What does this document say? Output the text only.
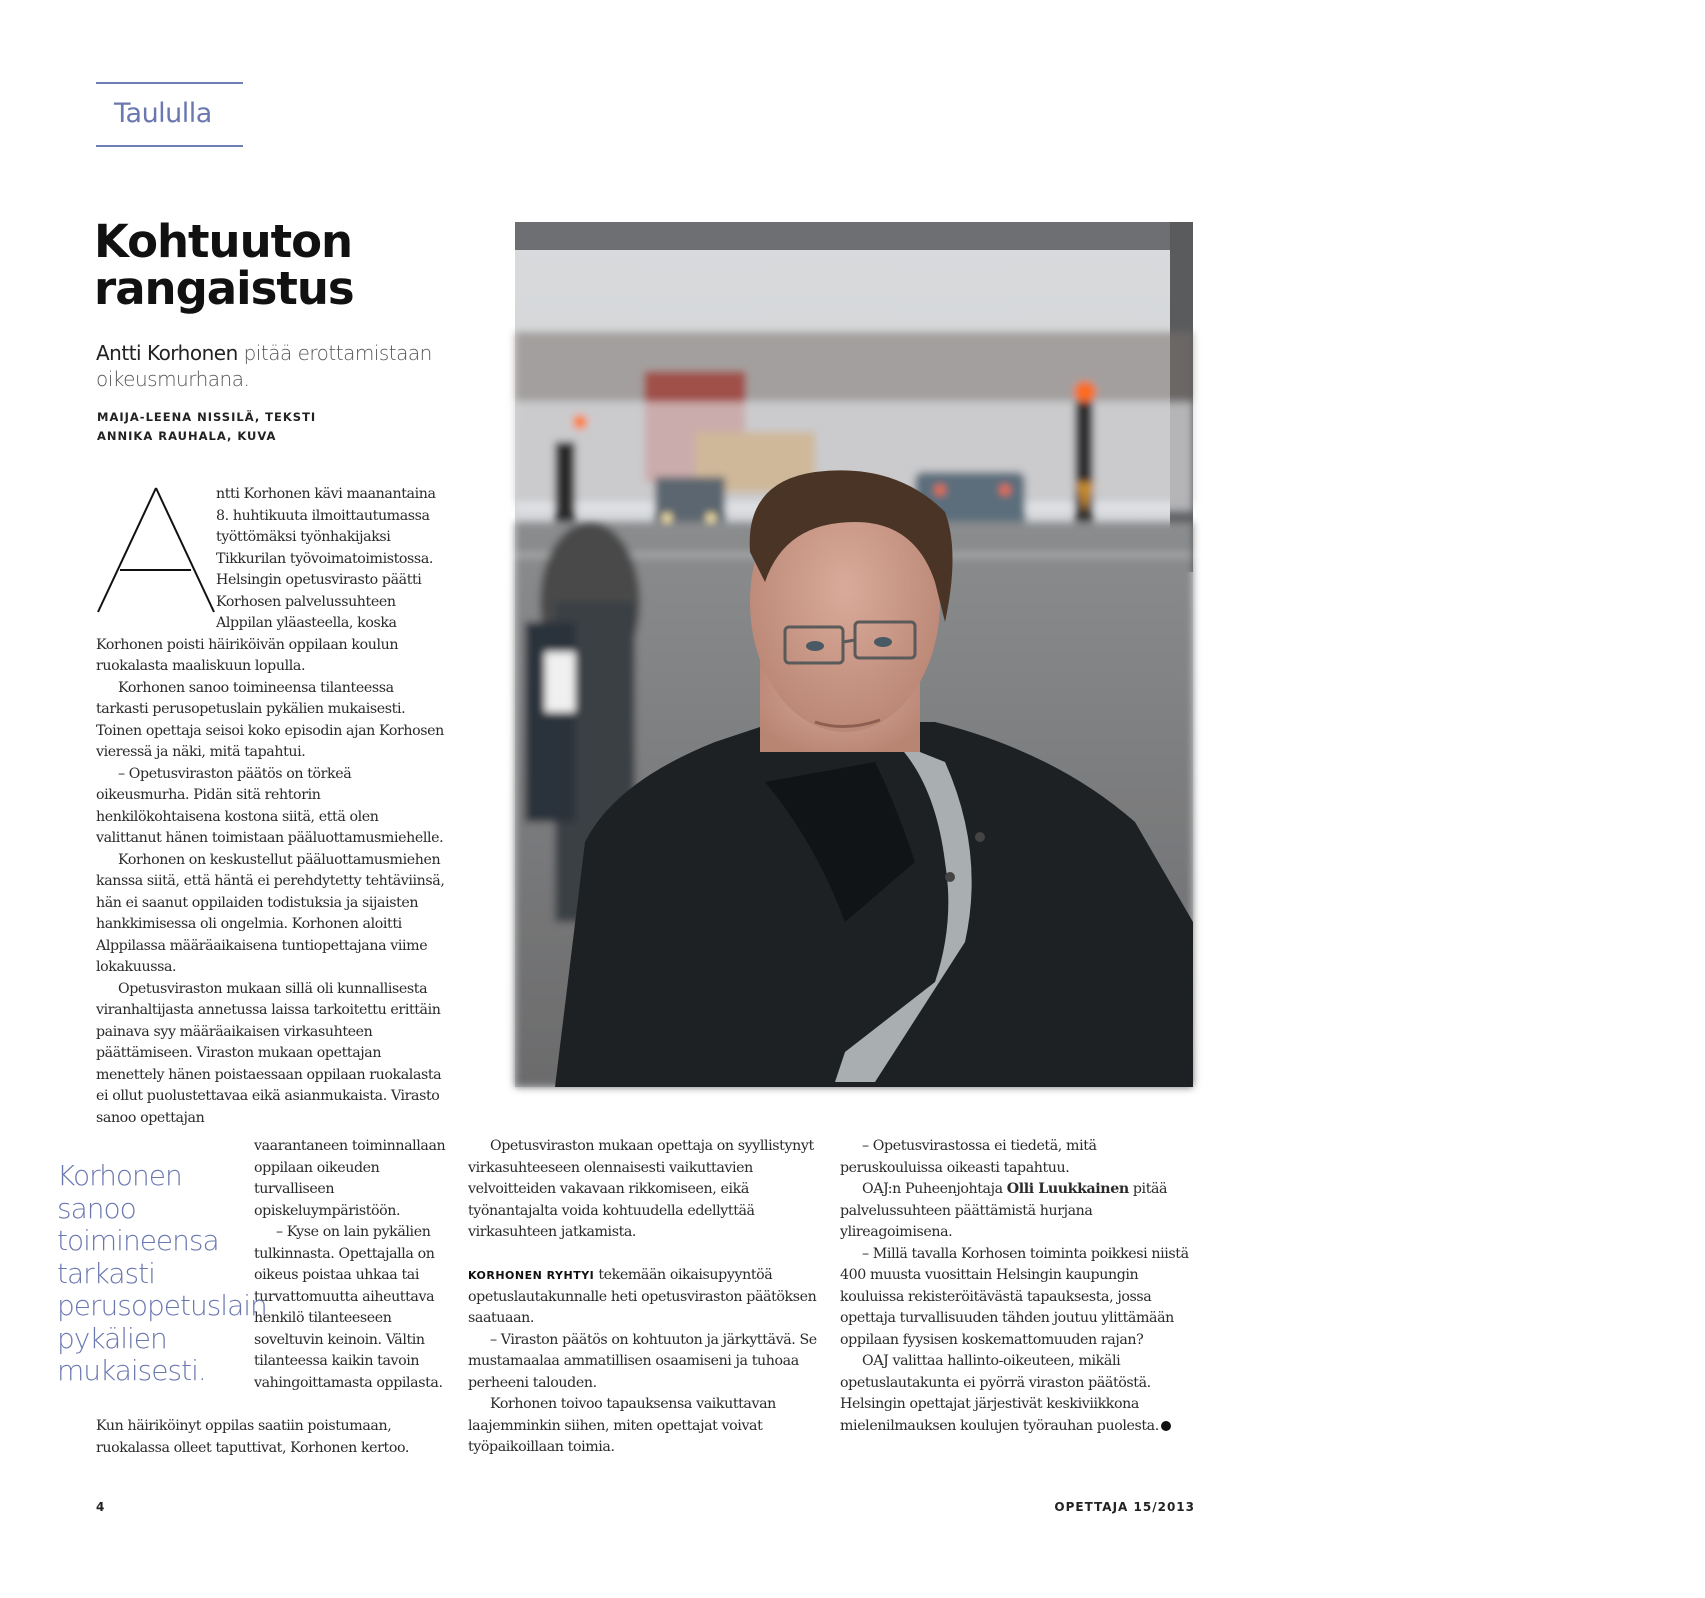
Taululla
Kohtuuton
rangaistus
Antti Korhonen pitää erottamistaan oikeusmurhana.
MAIJA-LEENA NISSILÄ, TEKSTI
ANNIKA RAUHALA, KUVA

ntti Korhonen kävi maanantaina 8. huhtikuuta ilmoittautumassa työttömäksi työnhakijaksi Tikkurilan työvoimatoimistossa. Helsingin opetusvirasto päätti Korhosen palvelussuhteen Alppilan yläasteella, koska Korhonen poisti häiriköivän oppilaan koulun ruokalasta maaliskuun lopulla.

Korhonen sanoo toimineensa tilanteessa tarkasti perusopetuslain pykälien mukaisesti. Toinen opettaja seisoi koko episodin ajan Korhosen vieressä ja näki, mitä tapahtui.

– Opetusviraston päätös on törkeä oikeusmurha. Pidän sitä rehtorin henkilökohtaisena kostona siitä, että olen valittanut hänen toimistaan pääluottamusmiehelle.

Korhonen on keskustellut pääluottamusmiehen kanssa siitä, että häntä ei perehdytetty tehtäviinsä, hän ei saanut oppilaiden todistuksia ja sijaisten hankkimisessa oli ongelmia. Korhonen aloitti Alppilassa määräaikaisena tuntiopettajana viime lokakuussa.

Opetusviraston mukaan sillä oli kunnallisesta viranhaltijasta annetussa laissa tarkoitettu erittäin painava syy määräaikaisen virkasuhteen päättämiseen. Viraston mukaan opettajan menettely hänen poistaessaan oppilaan ruokalasta ei ollut puolustettavaa eikä asianmukaista. Virasto sanoo opettajan

vaarantaneen toiminnallaan oppilaan oikeuden turvalliseen opiskeluympäristöön.

– Kyse on lain pykälien tulkinnasta. Opettajalla on oikeus poistaa uhkaa tai turvattomuutta aiheuttava henkilö tilanteeseen soveltuvin keinoin. Vältin tilanteessa kaikin tavoin vahingoittamasta oppilasta.

Kun häiriköinyt oppilas saatiin poistumaan, ruokalassa olleet taputtivat, Korhonen kertoo.

Korhonen sanoo toimineensa tarkasti perusopetuslain pykälien mukaisesti.
Antti Korhonen kiittää kollegoiltaan ja OAJ:ltä saamaansa tukea.

Opetusviraston mukaan opettaja on syyllistynyt virkasuhteeseen olennaisesti vaikuttavien velvoitteiden vakavaan rikkomiseen, eikä työnantajalta voida kohtuudella edellyttää virkasuhteen jatkamista.

KORHONEN RYHTYI tekemään oikaisupyyntöä opetuslautakunnalle heti opetusviraston päätöksen saatuaan.

– Viraston päätös on kohtuuton ja järkyttävä. Se mustamaalaa ammatillisen osaamiseni ja tuhoaa perheeni talouden.

Korhonen toivoo tapauksensa vaikuttavan laajemminkin siihen, miten opettajat voivat työpaikoillaan toimia.

– Opetusvirastossa ei tiedetä, mitä peruskouluissa oikeasti tapahtuu.

OAJ:n Puheenjohtaja Olli Luukkainen pitää palvelussuhteen päättämistä hurjana ylireagoimisena.

– Millä tavalla Korhosen toiminta poikkesi niistä 400 muusta vuosittain Helsingin kaupungin kouluissa rekisteröitävästä tapauksesta, jossa opettaja turvallisuuden tähden joutuu ylittämään oppilaan fyysisen koskemattomuuden rajan?

OAJ valittaa hallinto-oikeuteen, mikäli opetuslautakunta ei pyörrä viraston päätöstä. Helsingin opettajat järjestivät keskiviikkona mielenilmauksen koulujen työrauhan puolesta.

4	OPETTAJA 15/2013
